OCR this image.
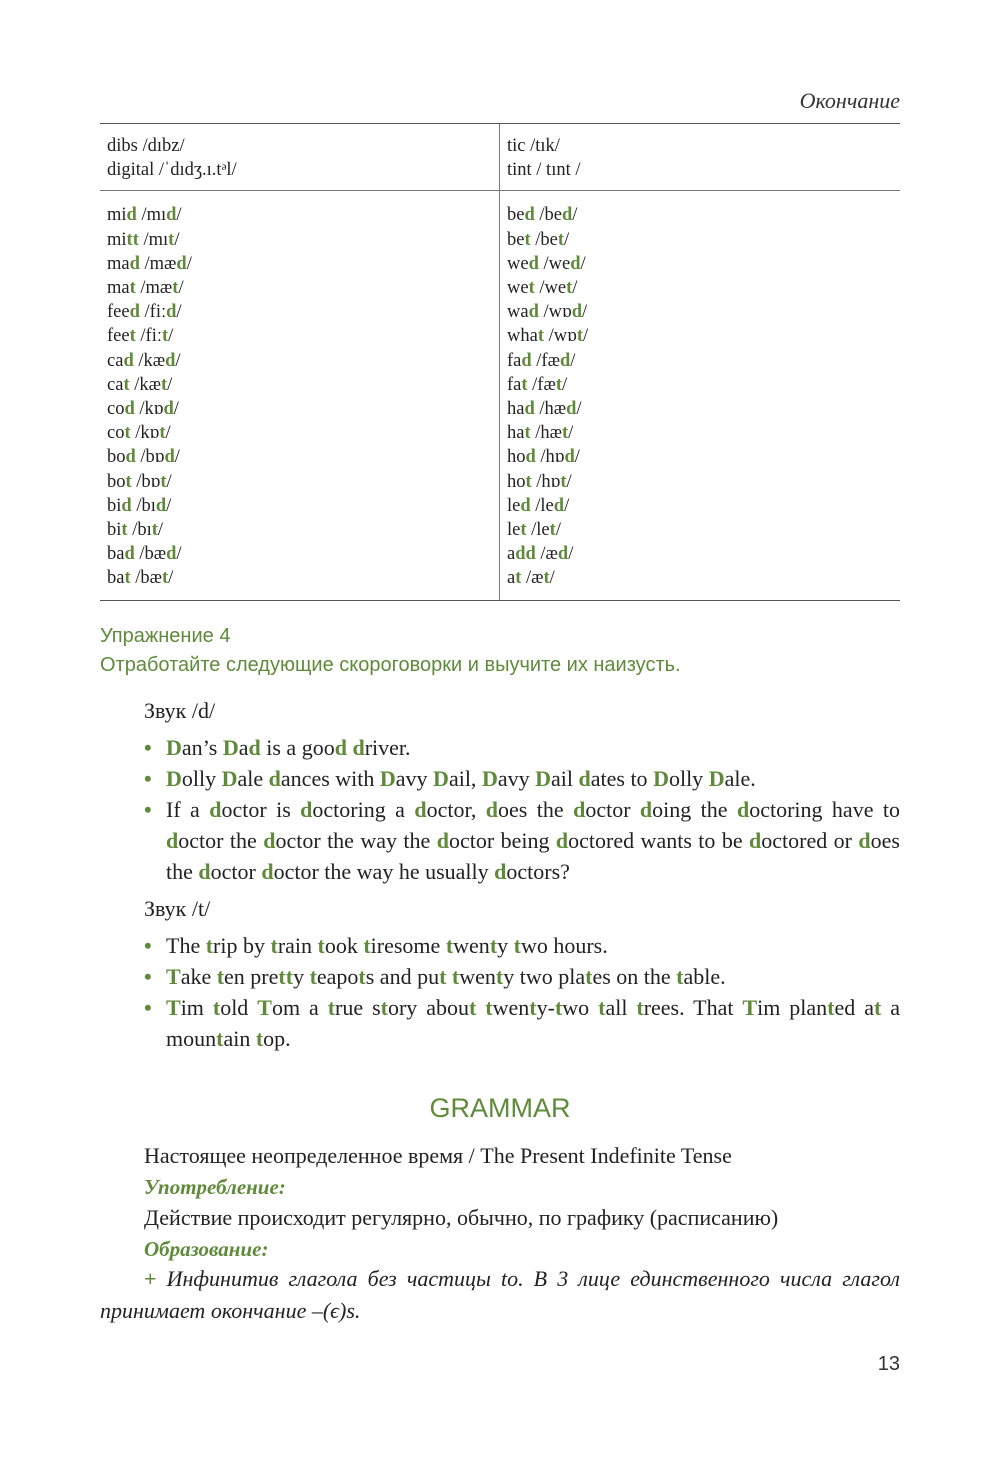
Окончание
dibs /dıbz/
digital /ˈdıdʒ.ı.tᵊl/
tic /tık/
tint / tınt /
mid /mıd/
mitt /mıt/
mad /mæd/
mat /mæt/
feed /fiːd/
feet /fiːt/
cad /kæd/
cat /kæt/
cod /kɒd/
cot /kɒt/
bod /bɒd/
bot /bɒt/
bid /bıd/
bit /bıt/
bad /bæd/
bat /bæt/
bed /bed/
bet /bet/
wed /wed/
wet /wet/
wad /wɒd/
what /wɒt/
fad /fæd/
fat /fæt/
had /hæd/
hat /hæt/
hod /hɒd/
hot /hɒt/
led /led/
let /let/
add /æd/
at /æt/
Упражнение 4
Отработайте следующие скороговорки и выучите их наизусть.
Звук /d/
• Dan’s Dad is a good driver.
• Dolly Dale dances with Davy Dail, Davy Dail dates to Dolly Dale.
• If a doctor is doctoring a doctor, does the doctor doing the doctoring have to doctor the doctor the way the doctor being doctored wants to be doctored or does the doctor doctor the way he usually doctors?
Звук /t/
• The trip by train took tiresome twenty two hours.
• Take ten pretty teapots and put twenty two plates on the table.
• Tim told Tom a true story about twenty-two tall trees. That Tim planted at a mountain top.
GRAMMAR
Настоящее неопределенное время / The Present Indefinite Tense
Употребление:
Действие происходит регулярно, обычно, по графику (расписанию)
Образование:
+ Инфинитив глагола без частицы to. В 3 лице единственного числа глагол принимает окончание –(ϵ)s.
13
